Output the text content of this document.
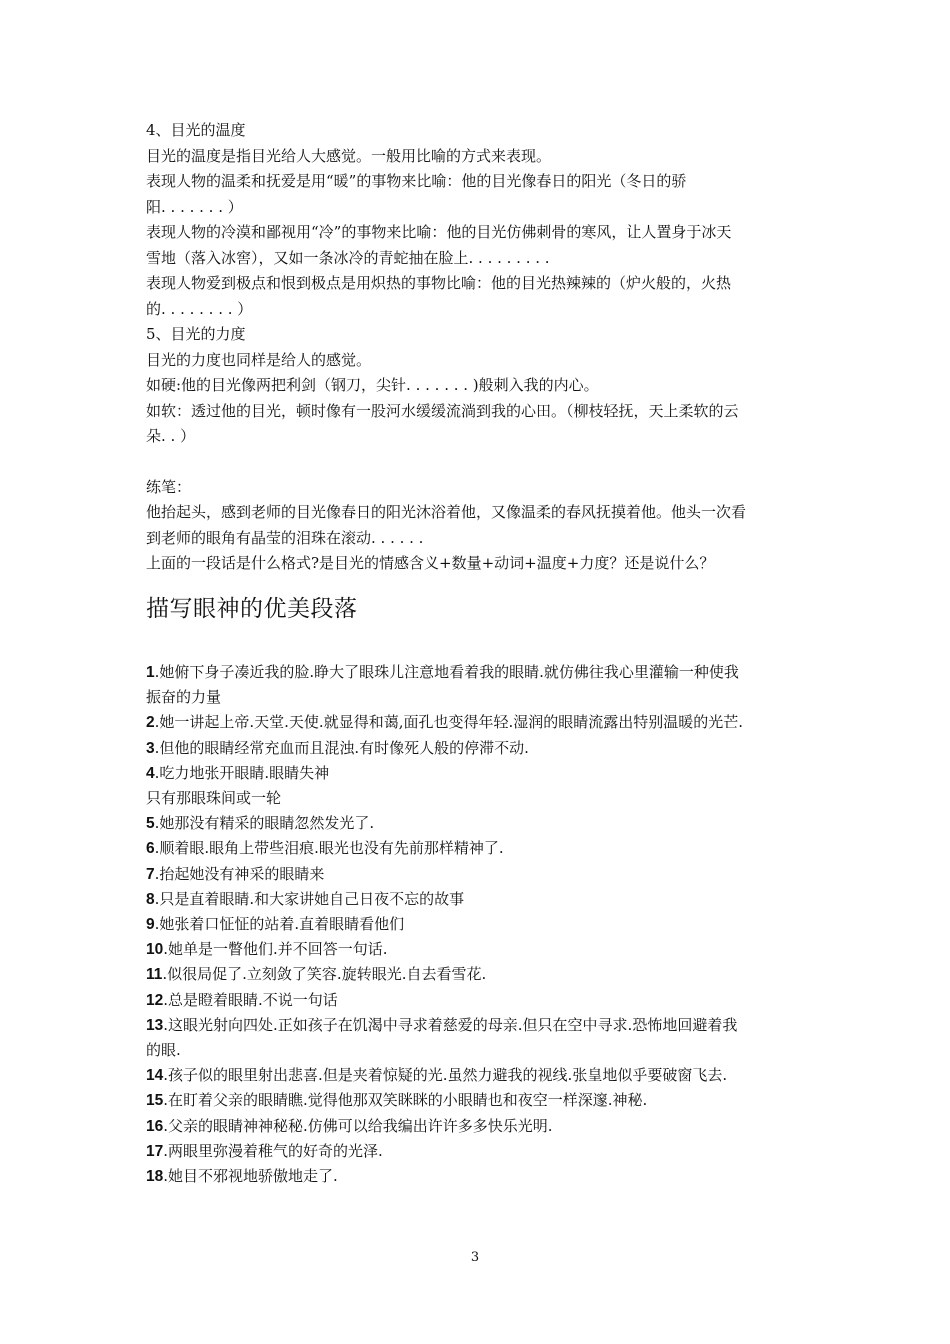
4、目光的温度

目光的温度是指目光给人大感觉。一般用比喻的方式来表现。

表现人物的温柔和抚爱是用“暖”的事物来比喻：他的目光像春日的阳光（冬日的骄

阳. . . . . . . ）

表现人物的冷漠和鄙视用“冷”的事物来比喻：他的目光仿佛刺骨的寒风，让人置身于冰天

雪地（落入冰窖），又如一条冰冷的青蛇抽在脸上. . . . . . . . .

表现人物爱到极点和恨到极点是用炽热的事物比喻：他的目光热辣辣的（炉火般的，火热

的. . . . . . . . ）

5、目光的力度

目光的力度也同样是给人的感觉。

如硬:他的目光像两把利剑（钢刀，尖针. . . . . . . )般刺入我的内心。

如软：透过他的目光，顿时像有一股河水缓缓流淌到我的心田。（柳枝轻抚，天上柔软的云

朵. . ）

练笔：

他抬起头，感到老师的目光像春日的阳光沐浴着他，又像温柔的春风抚摸着他。他头一次看

到老师的眼角有晶莹的泪珠在滚动. . . . . .

上面的一段话是什么格式?是目光的情感含义+数量+动词+温度+力度？还是说什么？

描写眼神的优美段落

1.她俯下身子凑近我的脸.睁大了眼珠儿注意地看着我的眼睛.就仿佛往我心里灌输一种使我

振奋的力量

2.她一讲起上帝.天堂.天使.就显得和蔼,面孔也变得年轻.湿润的眼睛流露出特别温暖的光芒.

3.但他的眼睛经常充血而且混浊.有时像死人般的停滞不动.

4.吃力地张开眼睛.眼睛失神

只有那眼珠间或一轮

5.她那没有精采的眼睛忽然发光了.

6.顺着眼.眼角上带些泪痕.眼光也没有先前那样精神了.

7.抬起她没有神采的眼睛来

8.只是直着眼睛.和大家讲她自己日夜不忘的故事

9.她张着口怔怔的站着.直着眼睛看他们

10.她单是一瞥他们.并不回答一句话.

11.似很局促了.立刻敛了笑容.旋转眼光.自去看雪花.

12.总是瞪着眼睛.不说一句话

13.这眼光射向四处.正如孩子在饥渴中寻求着慈爱的母亲.但只在空中寻求.恐怖地回避着我

的眼.

14.孩子似的眼里射出悲喜.但是夹着惊疑的光.虽然力避我的视线.张皇地似乎要破窗飞去.

15.在盯着父亲的眼睛瞧.觉得他那双笑眯眯的小眼睛也和夜空一样深邃.神秘.

16.父亲的眼睛神神秘秘.仿佛可以给我编出许许多多快乐光明.

17.两眼里弥漫着稚气的好奇的光泽.

18.她目不邪视地骄傲地走了.

3
